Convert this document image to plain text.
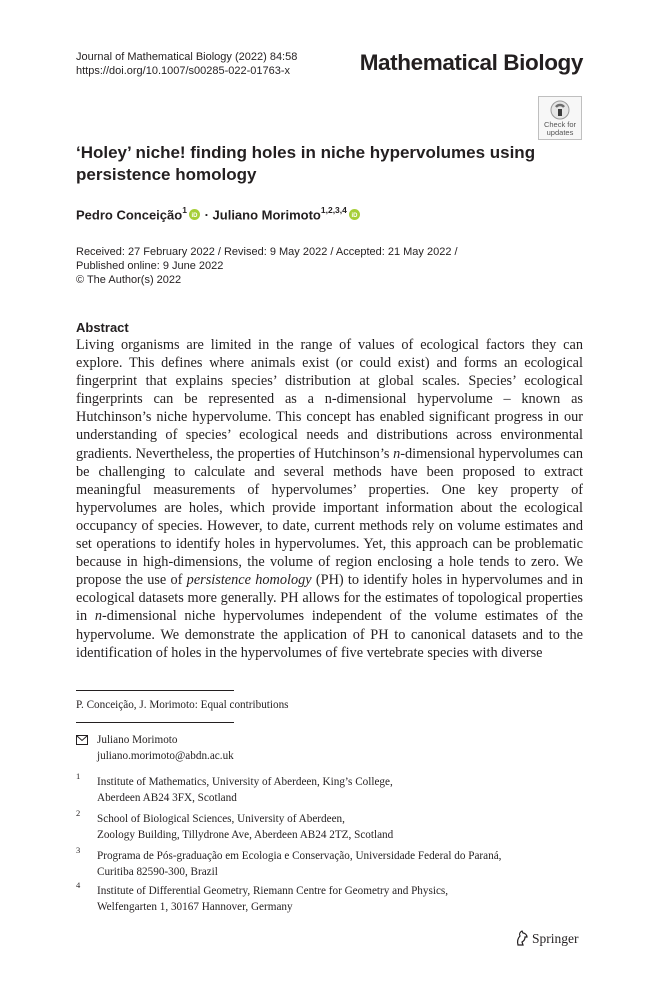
Journal of Mathematical Biology (2022) 84:58
https://doi.org/10.1007/s00285-022-01763-x	Mathematical Biology
Check for
updates
‘Holey’ niche! finding holes in niche hypervolumes using persistence homology
Pedro Conceição$^1$
iD · Juliano Morimoto$^{1,2,3,4}$
iD
Received: 27 February 2022 / Revised: 9 May 2022 / Accepted: 21 May 2022 /
Published online: 9 June 2022
© The Author(s) 2022
Abstract
Living organisms are limited in the range of values of ecological factors they can explore. This defines where animals exist (or could exist) and forms an ecological fingerprint that explains species’ distribution at global scales. Species’ ecological fingerprints can be represented as a n-dimensional hypervolume – known as Hutchinson’s niche hypervolume. This concept has enabled significant progress in our understanding of species’ ecological needs and distributions across environmental gradients. Nevertheless, the properties of Hutchinson’s n-dimensional hypervolumes can be challenging to calculate and several methods have been proposed to extract meaningful measurements of hypervolumes’ properties. One key property of hypervolumes are holes, which provide important information about the ecological occupancy of species. However, to date, current methods rely on volume estimates and set operations to identify holes in hypervolumes. Yet, this approach can be problematic because in high-dimensions, the volume of region enclosing a hole tends to zero. We propose the use of persistence homology (PH) to identify holes in hypervolumes and in ecological datasets more generally. PH allows for the estimates of topological properties in n-dimensional niche hypervolumes independent of the volume estimates of the hypervolume. We demonstrate the application of PH to canonical datasets and to the identification of holes in the hypervolumes of five vertebrate species with diverse
P. Conceição, J. Morimoto: Equal contributions
Juliano Morimoto
juliano.morimoto@abdn.ac.uk
1 Institute of Mathematics, University of Aberdeen, King’s College,
Aberdeen AB24 3FX, Scotland
2 School of Biological Sciences, University of Aberdeen,
Zoology Building, Tillydrone Ave, Aberdeen AB24 2TZ, Scotland
3 Programa de Pós-graduação em Ecologia e Conservação, Universidade Federal do Paraná,
Curitiba 82590-300, Brazil
4 Institute of Differential Geometry, Riemann Centre for Geometry and Physics,
Welfengarten 1, 30167 Hannover, Germany
Springer
